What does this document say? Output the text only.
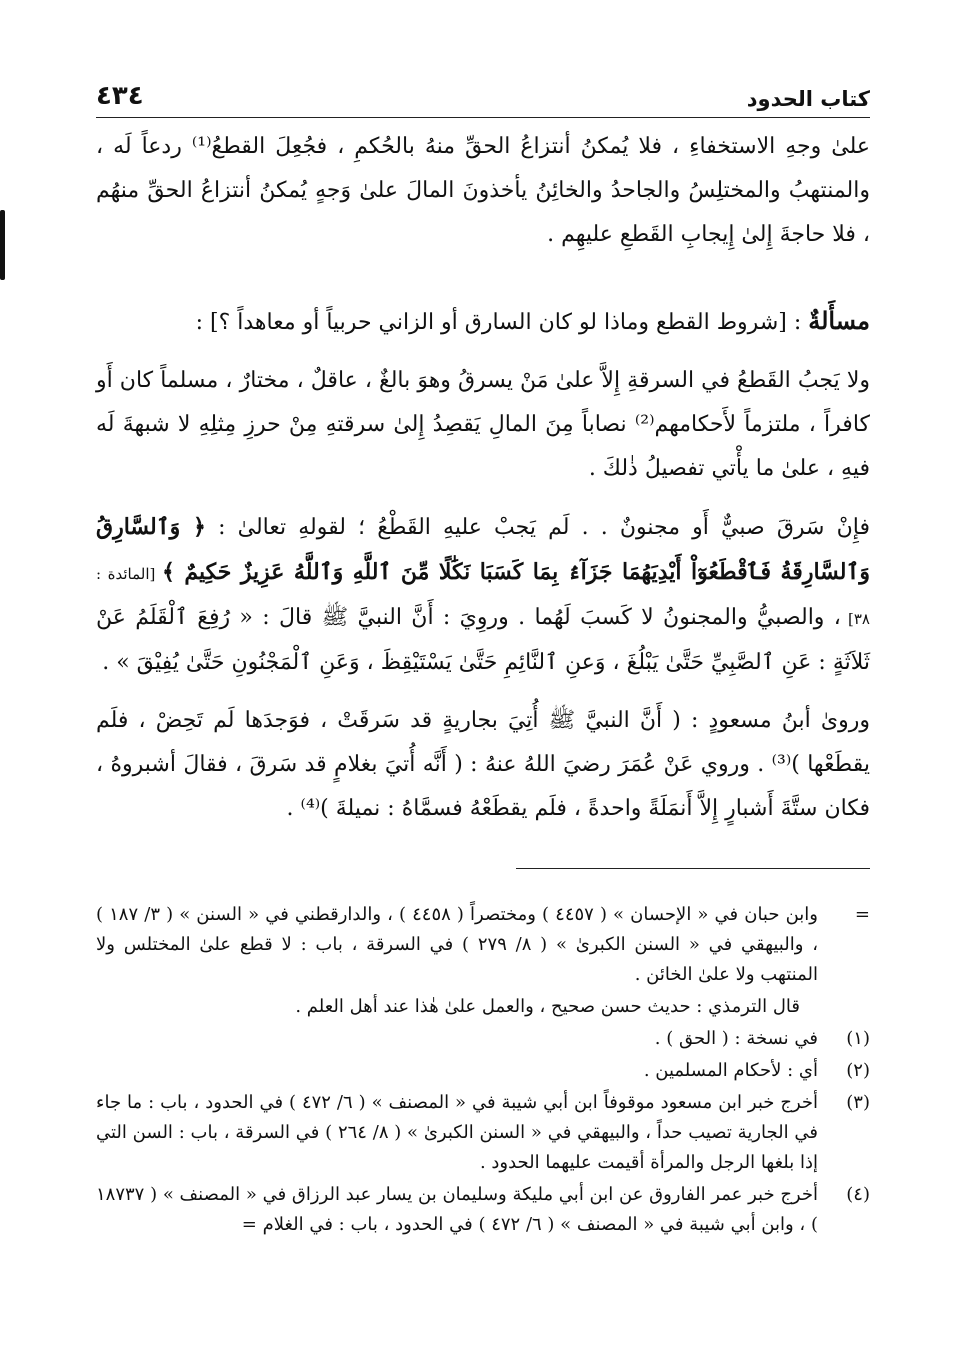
كتاب الحدود
٤٣٤

علىٰ وجهِ الاستخفاءِ ، فلا يُمكنُ أنتزاعُ الحقِّ منهُ بالحُكمِ ، فجُعِلَ القطعُ⁽¹⁾ ردعاً لَه ، والمنتهبُ والمختلِسُ والجاحدُ والخائِنُ يأخذونَ المالَ علىٰ وَجهٍ يُمكنُ أنتزاعُ الحقِّ منهُم ، فلا حاجةَ إِلىٰ إِيجابِ القَطعِ عليهِم .

مسأَلةٌ : [شروط القطع وماذا لو كان السارق أو الزاني حربياً أو معاهداً ؟] :

ولا يَجبُ القَطعُ في السرقةِ إِلاَّ علىٰ مَنْ يسرقُ وهوَ بالغٌ ، عاقلٌ ، مختارٌ ، مسلماً كان أَو كافراً ، ملتزماً لأَحكامهم⁽²⁾ نصاباً مِنَ المالِ يَقصِدُ إِلىٰ سرقتهِ مِنْ حرزِ مِثلِهِ لا شبهةَ لَه فيهِ ، علىٰ ما يأْتي تفصيلُ ذٰلكَ .

فإِنْ سَرقَ صبيٌّ أَو مجنونٌ . . لَم يَجبْ عليهِ القَطْعُ ؛ لقولهِ تعالىٰ : ﴿ وَٱلسَّارِقُ وَٱلسَّارِقَةُ فَٱقْطَعُوٓاْ أَيْدِيَهُمَا جَزَآءَۢ بِمَا كَسَبَا نَكَٰلًا مِّنَ ٱللَّهِ وَٱللَّهُ عَزِيزٌ حَكِيمٌ ﴾ [المائدة : ٣٨] ، والصبيُّ والمجنونُ لا كَسبَ لَهُما . وروِيَ : أَنَّ النبيَّ ﷺ قالَ : « رُفِعَ ٱلْقَلَمُ عَنْ ثَلاَثَةٍ : عَنِ ٱلصَّبِيِّ حَتَّىٰ يَبْلُغَ ، وَعنِ ٱلنَّائِمِ حَتَّىٰ يَسْتَيْقِظَ ، وَعَنِ ٱلْمَجْنُونِ حَتَّىٰ يُفِيْقَ » .

وروىٰ أبنُ مسعودٍ : ( أَنَّ النبيَّ ﷺ أُتِيَ بجاريةٍ قد سَرقَتْ ، فوَجدَها لَم تَحِضْ ، فلَم يقطَعْها )⁽³⁾ . وروي عَنْ عُمَرَ رضيَ اللهُ عنهُ : ( أَنَّه أُتيَ بغلامٍ قد سَرقَ ، فقالَ أشبروهُ ، فكان ستَّةَ أَشبارٍ إِلاَّ أَنمَلَةً واحدةً ، فلَم يقطَعْهُ فسمَّاهُ : نميلةَ )⁽⁴⁾ .

=
وابن حبان في « الإحسان » ( ٤٤٥٧ ) ومختصراً ( ٤٤٥٨ ) ، والدارقطني في « السنن » ( ٣/ ١٨٧ ) ، والبيهقي في « السنن الكبرىٰ » ( ٨/ ٢٧٩ ) في السرقة ، باب : لا قطع علىٰ المختلس ولا المنتهب ولا علىٰ الخائن .
قال الترمذي : حديث حسن صحيح ، والعمل علىٰ هٰذا عند أهل العلم .
(١)
في نسخة : ( الحق ) .
(٢)
أي : لأحكام المسلمين .
(٣)
أخرج خبر ابن مسعود موقوفاً ابن أبي شيبة في « المصنف » ( ٦/ ٤٧٢ ) في الحدود ، باب : ما جاء في الجارية تصيب حداً ، والبيهقي في « السنن الكبرىٰ » ( ٨/ ٢٦٤ ) في السرقة ، باب : السن التي إذا بلغها الرجل والمرأة أقيمت عليهما الحدود .
(٤)
أخرج خبر عمر الفاروق عن ابن أبي مليكة وسليمان بن يسار عبد الرزاق في « المصنف » ( ١٨٧٣٧ ) ، وابن أبي شيبة في « المصنف » ( ٦/ ٤٧٢ ) في الحدود ، باب : في الغلام =
